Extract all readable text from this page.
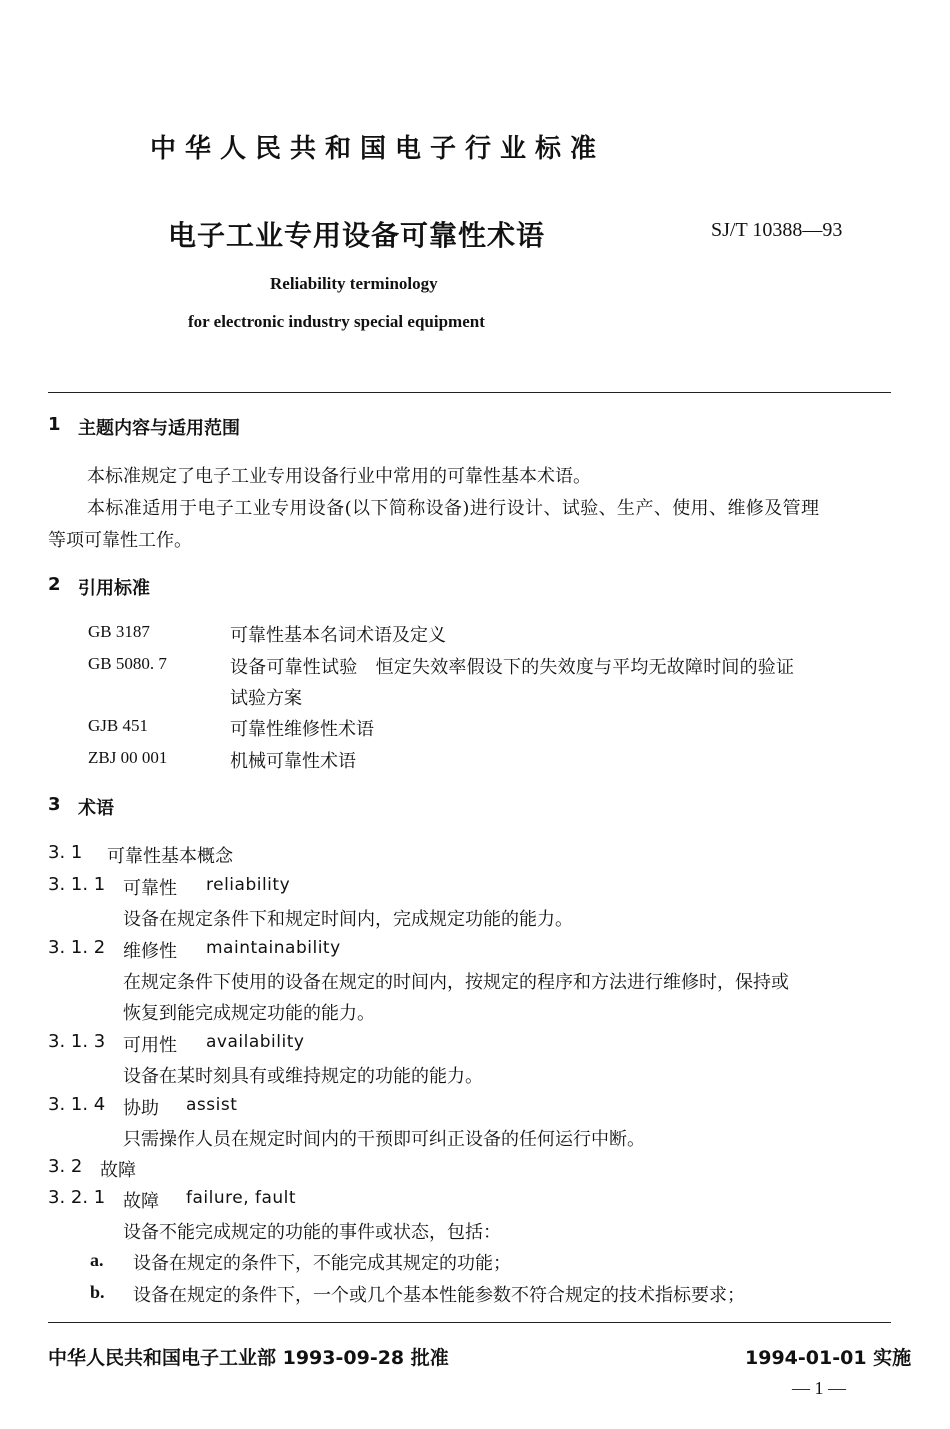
中华人民共和国电子行业标准
电子工业专用设备可靠性术语	SJ/T 10388—93
Reliability terminology
for electronic industry special equipment
1 主题内容与适用范围
本标准规定了电子工业专用设备行业中常用的可靠性基本术语。
本标准适用于电子工业专用设备(以下简称设备)进行设计、试验、生产、使用、维修及管理
等项可靠性工作。
2 引用标准
GB 3187	可靠性基本名词术语及定义
GB 5080. 7	设备可靠性试验　恒定失效率假设下的失效度与平均无故障时间的验证
试验方案
GJB 451	可靠性维修性术语
ZBJ 00 001	机械可靠性术语
3 术语
3. 1 可靠性基本概念
3. 1. 1 可靠性 reliability
设备在规定条件下和规定时间内，完成规定功能的能力。
3. 1. 2 维修性 maintainability
在规定条件下使用的设备在规定的时间内，按规定的程序和方法进行维修时，保持或
恢复到能完成规定功能的能力。
3. 1. 3 可用性 availability
设备在某时刻具有或维持规定的功能的能力。
3. 1. 4 协助 assist
只需操作人员在规定时间内的干预即可纠正设备的任何运行中断。
3. 2 故障
3. 2. 1 故障 failure, fault
设备不能完成规定的功能的事件或状态，包括：
a. 设备在规定的条件下，不能完成其规定的功能；
b. 设备在规定的条件下，一个或几个基本性能参数不符合规定的技术指标要求；
中华人民共和国电子工业部 1993-09-28 批准	1994-01-01 实施
— 1 —
